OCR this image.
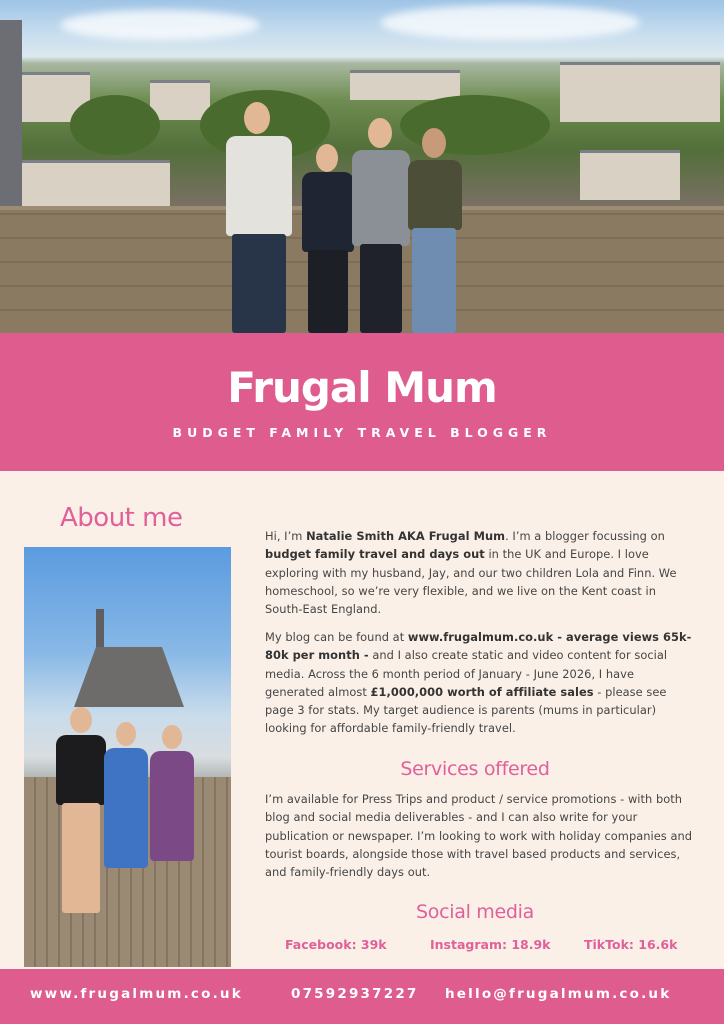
Frugal Mum
BUDGET FAMILY TRAVEL BLOGGER
About me
Hi, I’m Natalie Smith AKA Frugal Mum. I’m a blogger focussing on budget family travel and days out in the UK and Europe. I love exploring with my husband, Jay, and our two children Lola and Finn. We homeschool, so we’re very flexible, and we live on the Kent coast in South-East England.
My blog can be found at www.frugalmum.co.uk - average views 65k-80k per month - and I also create static and video content for social media. Across the 6 month period of January - June 2026, I have generated almost £1,000,000 worth of affiliate sales - please see page 3 for stats. My target audience is parents (mums in particular) looking for affordable family-friendly travel.
Services offered
I’m available for Press Trips and product / service promotions - with both blog and social media deliverables - and I can also write for your publication or newspaper. I’m looking to work with holiday companies and tourist boards, alongside those with travel based products and services, and family-friendly days out.
Social media
Facebook: 39k	Instagram: 18.9k	TikTok: 16.6k
www.frugalmum.co.uk	07592937227 hello@frugalmum.co.uk
